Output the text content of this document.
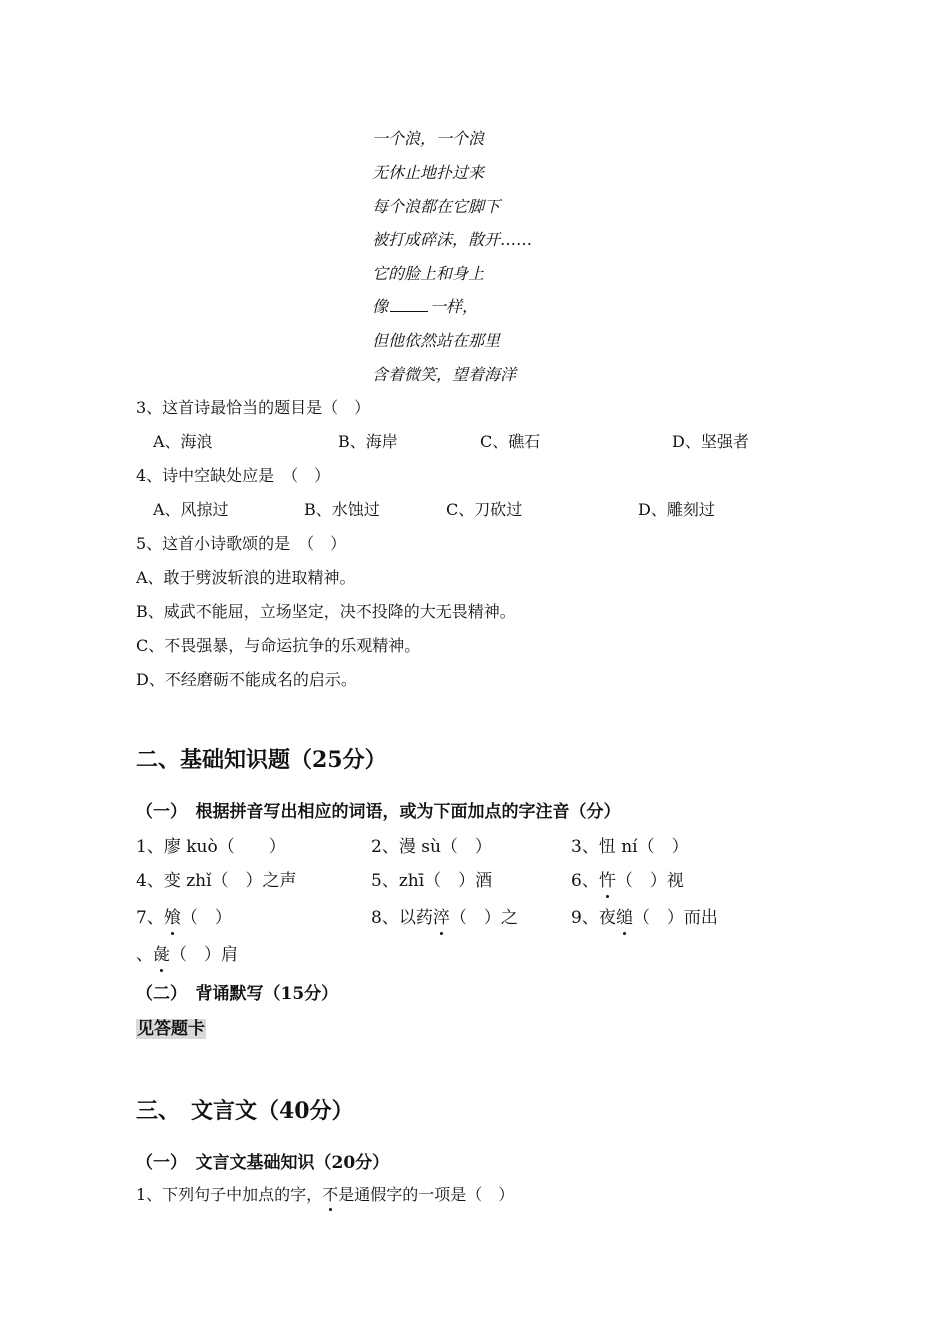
一个浪，一个浪
无休止地扑过来
每个浪都在它脚下
被打成碎沫，散开……
它的脸上和身上
像	一样，
但他依然站在那里
含着微笑，望着海洋
3、这首诗最恰当的题目是（　）
A、海浪	B、海岸	C、礁石	D、坚强者
4、诗中空缺处应是　（　）
A、风掠过	B、水蚀过	C、刀砍过	D、雕刻过
5、这首小诗歌颂的是　（　）
A、敢于劈波斩浪的进取精神。
B、威武不能屈，立场坚定，决不投降的大无畏精神。
C、不畏强暴，与命运抗争的乐观精神。
D、不经磨砺不能成名的启示。
二、基础知识题（25分）
（一）　根据拼音写出相应的词语，或为下面加点的字注音（分）
1、廖 kuò（　　）	2、漫 sù（　）	3、忸 ní（　）
4、变 zhǐ（　）之声	5、zhī（　）酒	6、忤（　）视
7、飧（　）	8、以药淬（　）之	9、夜缒（　）而出
、彘（　）肩
（二）　背诵默写（15分）
见答题卡
三、　文言文（40分）
（一）　文言文基础知识（20分）
1、下列句子中加点的字，不是通假字的一项是（　）
